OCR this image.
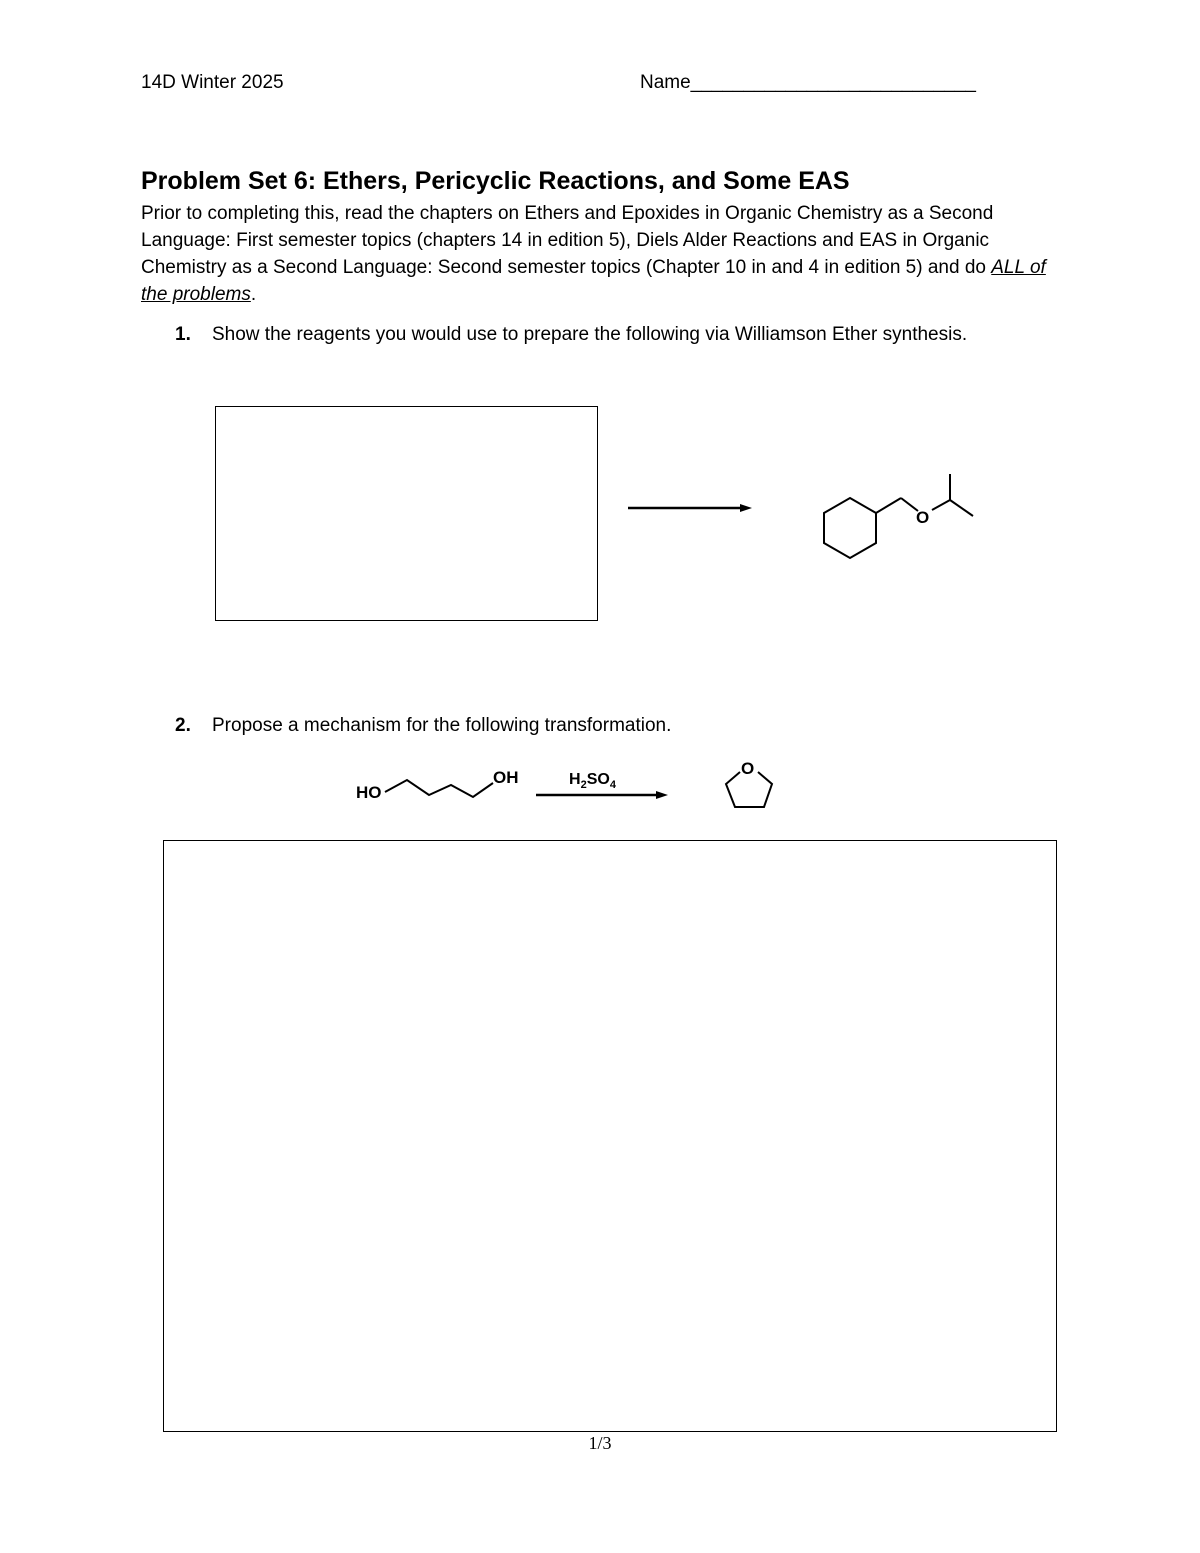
14D Winter 2025	Name___________________________
Problem Set 6: Ethers, Pericyclic Reactions, and Some EAS
Prior to completing this, read the chapters on Ethers and Epoxides in Organic Chemistry as a Second Language: First semester topics (chapters 14 in edition 5), Diels Alder Reactions and EAS in Organic Chemistry as a Second Language: Second semester topics (Chapter 10 in and 4 in edition 5) and do ALL of the problems.
1. Show the reagents you would use to prepare the following via Williamson Ether synthesis.
O
2. Propose a mechanism for the following transformation.
HO
OH	$H_2SO_4$
O
1/3
